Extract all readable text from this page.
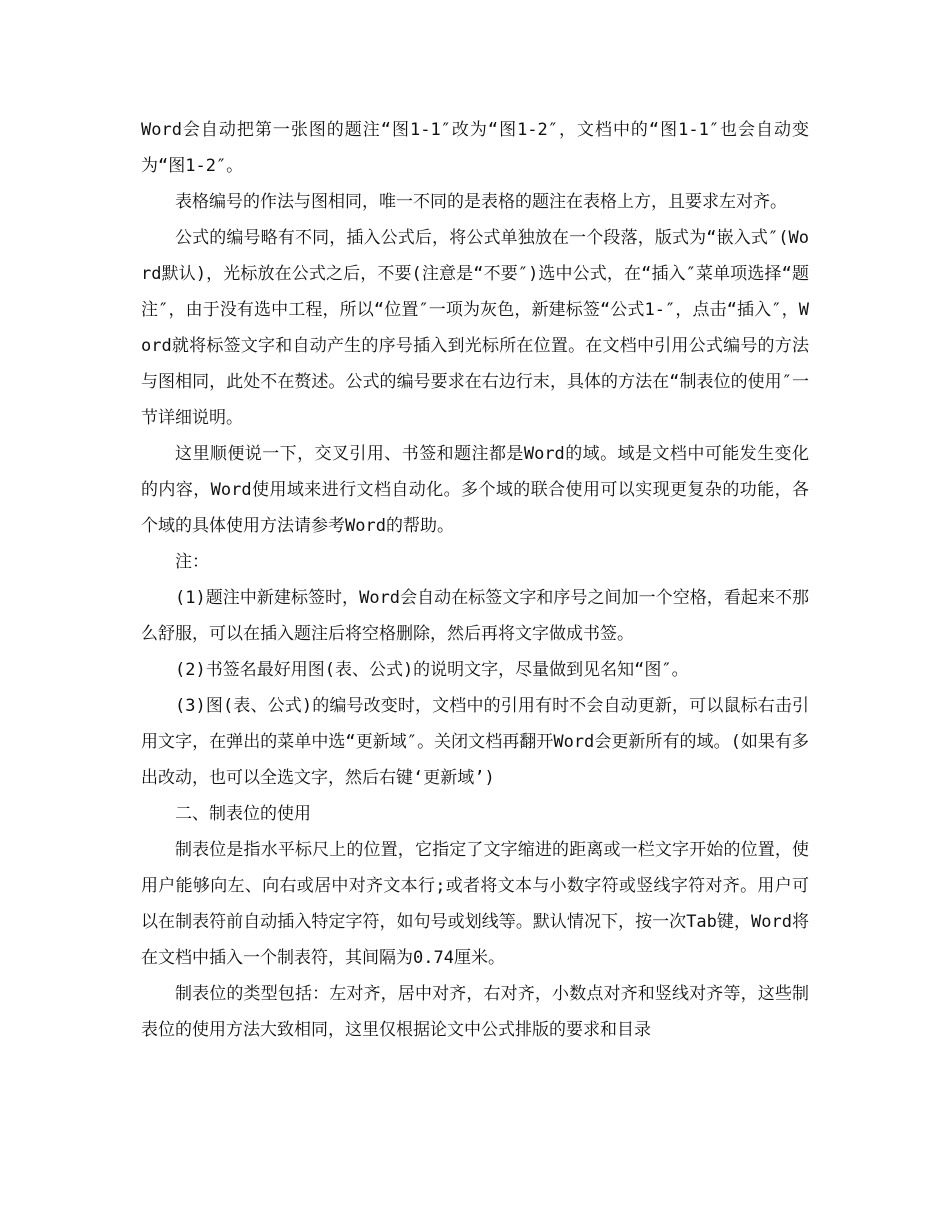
Word会自动把第一张图的题注“图1-1″改为“图1-2″，文档中的“图1-1″也会自动变为“图1-2″。

表格编号的作法与图相同，唯一不同的是表格的题注在表格上方，且要求左对齐。

公式的编号略有不同，插入公式后，将公式单独放在一个段落，版式为“嵌入式″(Word默认)，光标放在公式之后，不要(注意是“不要″)选中公式，在“插入″菜单项选择“题注″，由于没有选中工程，所以“位置″一项为灰色，新建标签“公式1-″，点击“插入″，Word就将标签文字和自动产生的序号插入到光标所在位置。在文档中引用公式编号的方法与图相同，此处不在赘述。公式的编号要求在右边行末，具体的方法在“制表位的使用″一节详细说明。

这里顺便说一下，交叉引用、书签和题注都是Word的域。域是文档中可能发生变化的内容，Word使用域来进行文档自动化。多个域的联合使用可以实现更复杂的功能，各个域的具体使用方法请参考Word的帮助。

注：

(1)题注中新建标签时，Word会自动在标签文字和序号之间加一个空格，看起来不那么舒服，可以在插入题注后将空格删除，然后再将文字做成书签。

(2)书签名最好用图(表、公式)的说明文字，尽量做到见名知“图″。

(3)图(表、公式)的编号改变时，文档中的引用有时不会自动更新，可以鼠标右击引用文字，在弹出的菜单中选“更新域″。关闭文档再翻开Word会更新所有的域。(如果有多出改动，也可以全选文字，然后右键‘更新域’)

二、制表位的使用

制表位是指水平标尺上的位置，它指定了文字缩进的距离或一栏文字开始的位置，使用户能够向左、向右或居中对齐文本行;或者将文本与小数字符或竖线字符对齐。用户可以在制表符前自动插入特定字符，如句号或划线等。默认情况下，按一次Tab键，Word将在文档中插入一个制表符，其间隔为0.74厘米。

制表位的类型包括：左对齐，居中对齐，右对齐，小数点对齐和竖线对齐等，这些制表位的使用方法大致相同，这里仅根据论文中公式排版的要求和目录
